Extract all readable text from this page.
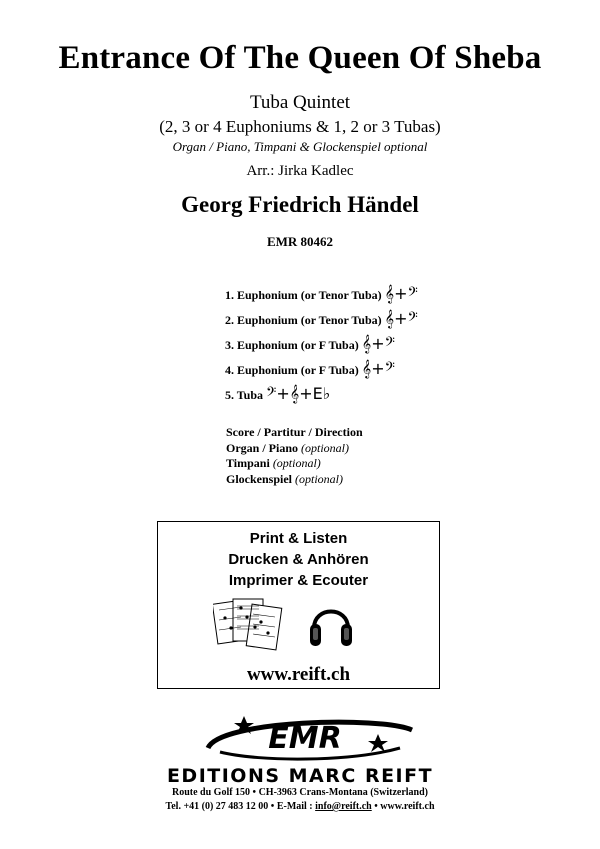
Entrance Of The Queen Of Sheba
Tuba Quintet
(2, 3 or 4 Euphoniums & 1, 2 or 3 Tubas)
Organ / Piano, Timpani & Glockenspiel optional
Arr.: Jirka Kadlec
Georg Friedrich Händel
EMR 80462
1. Euphonium (or Tenor Tuba) 𝄞+𝄢
2. Euphonium (or Tenor Tuba) 𝄞+𝄢
3. Euphonium (or F Tuba) 𝄞+𝄢
4. Euphonium (or F Tuba) 𝄞+𝄢
5. Tuba 𝄢+𝄞+E♭
Score / Partitur / Direction
Organ / Piano (optional)
Timpani (optional)
Glockenspiel (optional)
Print & Listen
Drucken & Anhören
Imprimer & Ecouter
www.reift.ch
EMR
EDITIONS MARC REIFT
Route du Golf 150 • CH-3963 Crans-Montana (Switzerland)
Tel. +41 (0) 27 483 12 00 • E-Mail : info@reift.ch • www.reift.ch
